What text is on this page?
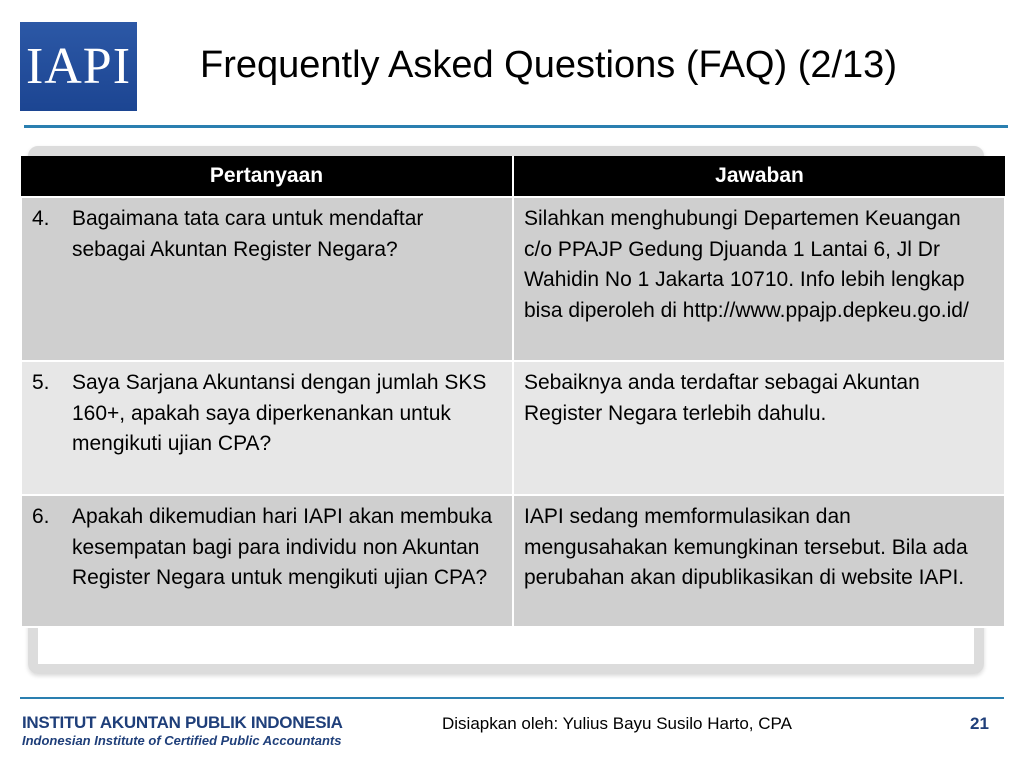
IAPI Frequently Asked Questions (FAQ) (2/13)
Pertanyaan	Jawaban

4. Bagaimana tata cara untuk mendaftar sebagai Akuntan Register Negara?	Silahkan menghubungi Departemen Keuangan c/o PPAJP Gedung Djuanda 1 Lantai 6, Jl Dr Wahidin No 1 Jakarta 10710. Info lebih lengkap bisa diperoleh di http://www.ppajp.depkeu.go.id/

5. Saya Sarjana Akuntansi dengan jumlah SKS 160+, apakah saya diperkenankan untuk mengikuti ujian CPA?	Sebaiknya anda terdaftar sebagai Akuntan Register Negara terlebih dahulu.

6. Apakah dikemudian hari IAPI akan membuka kesempatan bagi para individu non Akuntan Register Negara untuk mengikuti ujian CPA?	IAPI sedang memformulasikan dan mengusahakan kemungkinan tersebut. Bila ada perubahan akan dipublikasikan di website IAPI.
INSTITUT AKUNTAN PUBLIK INDONESIA
Indonesian Institute of Certified Public Accountants
Disiapkan oleh: Yulius Bayu Susilo Harto, CPA	21
